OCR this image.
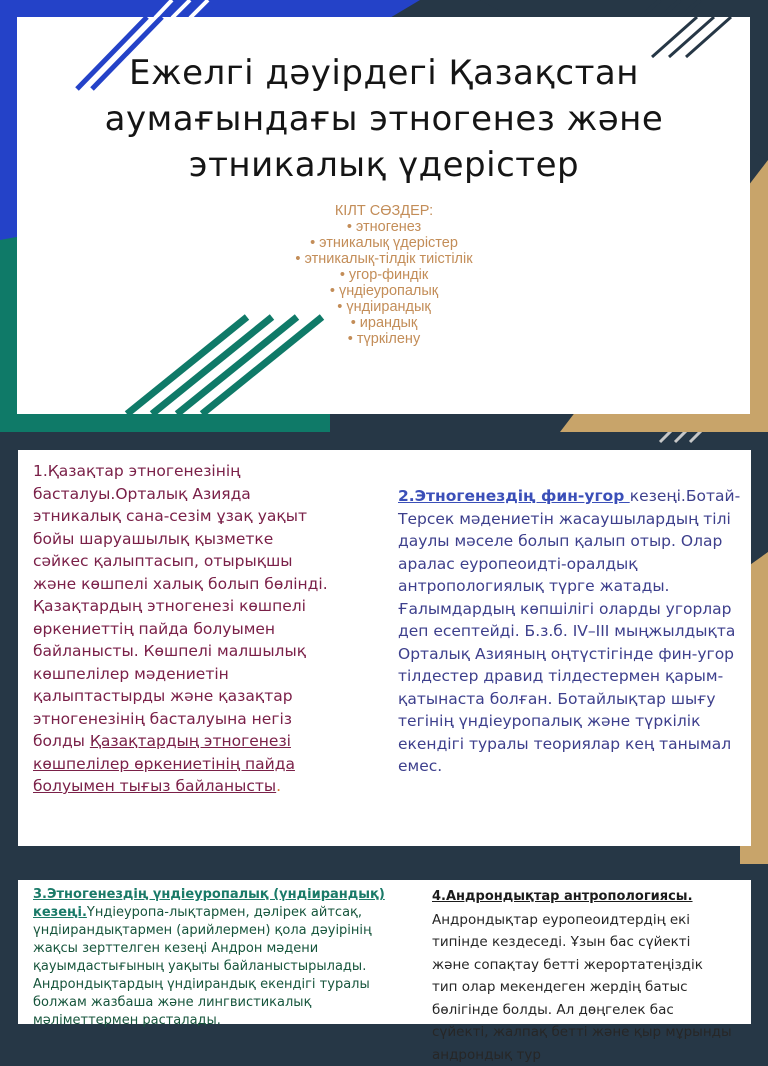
Ежелгі дәуірдегі Қазақстан аумағындағы этногенез және этникалық үдерістер
КІЛТ СӨЗДЕР:
• этногенез
• этникалық үдерістер
• этникалық-тілдік тиістілік
• угор-финдік
• үндіеуропалық
• үндіирандық
• ирандық
• түркілену
1.Қазақтар этногенезінің басталуы.Орталық Азияда этникалық сана-сезім ұзақ уақыт бойы шаруашылық қызметке сәйкес қалыптасып, отырықшы және көшпелі халық болып бөлінді. Қазақтардың этногенезі көшпелі өркениеттің пайда болуымен байланысты. Көшпелі малшылық көшпелілер мәдениетін қалыптастырды және қазақтар этногенезінің басталуына негіз болды Қазақтардың этногенезі көшпелілер өркениетінің пайда болуымен тығыз байланысты.
2.Этногенездің фин-угор кезеңі.Ботай-Терсек мәдениетін жасаушылардың тілі даулы мәселе болып қалып отыр. Олар аралас еуропеоидті-оралдық антропологиялық түрге жатады. Ғалымдардың көпшілігі оларды угорлар деп есептейді. Б.з.б. IV–III мыңжылдықта Орталық Азияның оңтүстігінде фин-угор тілдестер дравид тілдестермен қарым-қатынаста болған. Ботайлықтар шығу тегінің үндіеуропалық және түркілік екендігі туралы теориялар кең танымал емес.
3.Этногенездің үндіеуропалық (үндіирандық) кезеңі.Үндіеуропа-лықтармен, дәлірек айтсақ, үндіирандықтармен (арийлермен) қола дәуірінің жақсы зерттелген кезеңі Андрон мәдени қауымдастығының уақыты байланыстырылады. Андрондықтардың үндіирандық екендігі туралы болжам жазбаша және лингвистикалық мәліметтермен расталады.
4.Андрондықтар антропологиясы.
Андрондықтар еуропеоидтердің екі типінде кездеседі. Ұзын бас сүйекті және сопақтау бетті жерортатеңіздік тип олар мекендеген жердің батыс бөлігінде болды. Ал дөңгелек бас сүйекті, жалпақ беттi және қыр мұрынды андрондық тур
